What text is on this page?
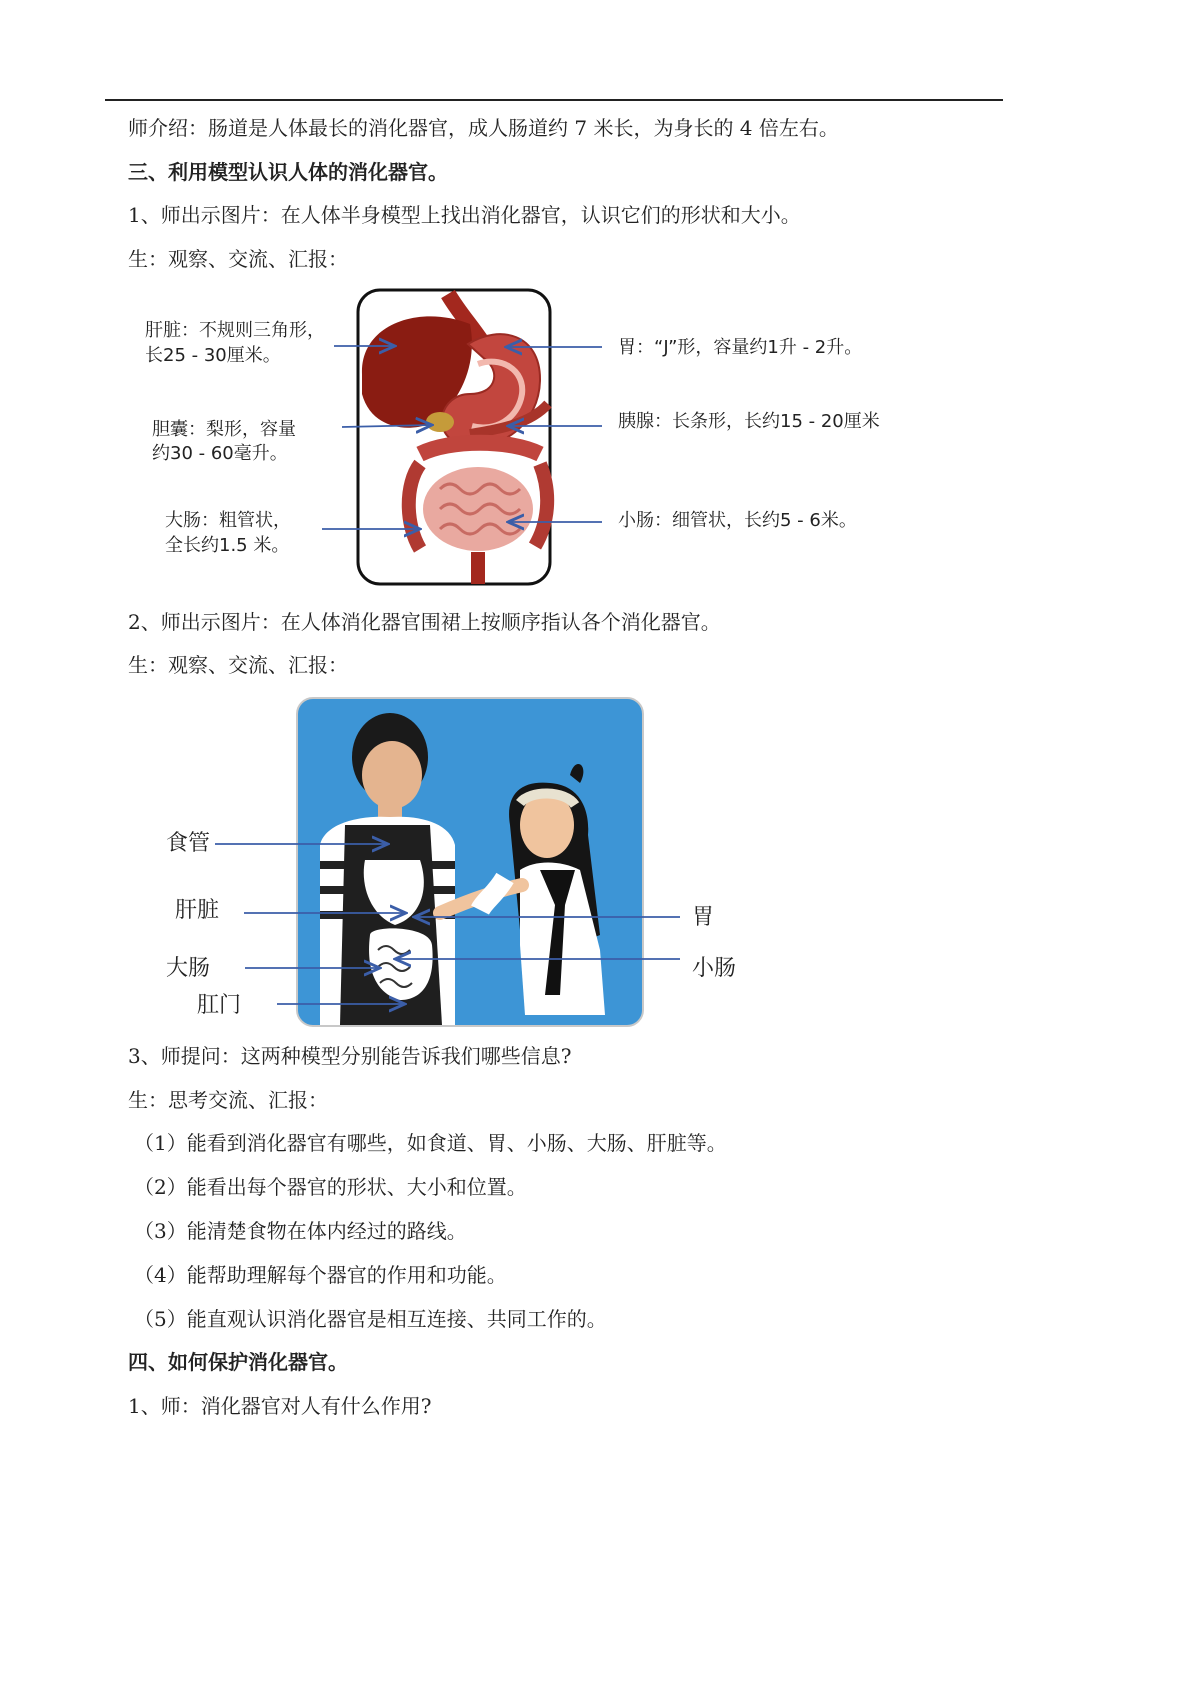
师介绍：肠道是人体最长的消化器官，成人肠道约 7 米长，为身长的 4 倍左右。
三、利用模型认识人体的消化器官。
1、师出示图片：在人体半身模型上找出消化器官，认识它们的形状和大小。
生：观察、交流、汇报：
肝脏：不规则三角形，
长25 - 30厘米。	胃：“J”形，容量约1升 - 2升。
胆囊：梨形，容量
约30 - 60毫升。
胰腺：长条形，长约15 - 20厘米
大肠：粗管状，
全长约1.5 米。
小肠：细管状，长约5 - 6米。
2、师出示图片：在人体消化器官围裙上按顺序指认各个消化器官。
生：观察、交流、汇报：
食管
肝脏
大肠
肛门
胃
小肠
3、师提问：这两种模型分别能告诉我们哪些信息?
生：思考交流、汇报：
（1）能看到消化器官有哪些，如食道、胃、小肠、大肠、肝脏等。
（2）能看出每个器官的形状、大小和位置。
（3）能清楚食物在体内经过的路线。
（4）能帮助理解每个器官的作用和功能。
（5）能直观认识消化器官是相互连接、共同工作的。
四、如何保护消化器官。
1、师：消化器官对人有什么作用?
